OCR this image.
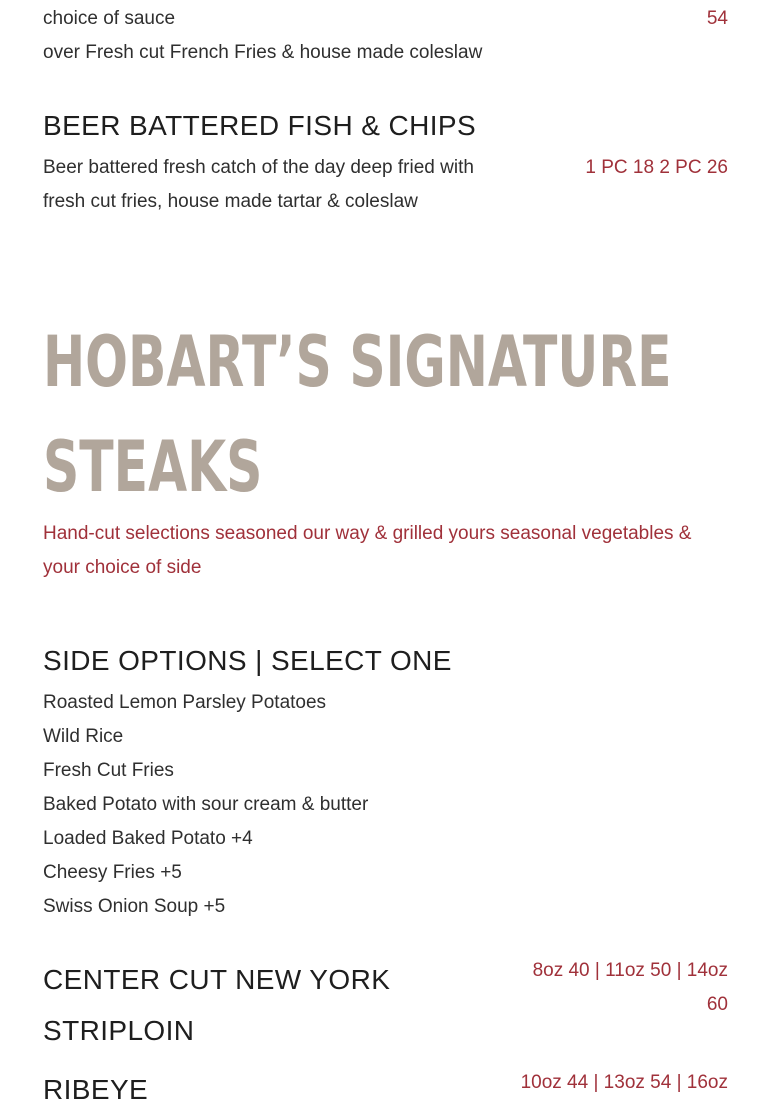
choice of sauce	54
over Fresh cut French Fries & house made coleslaw
BEER BATTERED FISH & CHIPS
Beer battered fresh catch of the day deep fried with
fresh cut fries, house made tartar & coleslaw
1 PC 18 2 PC 26
HOBART’S SIGNATURE
STEAKS
Hand-cut selections seasoned our way & grilled yours seasonal vegetables &
your choice of side
SIDE OPTIONS | SELECT ONE
Roasted Lemon Parsley Potatoes
Wild Rice
Fresh Cut Fries
Baked Potato with sour cream & butter
Loaded Baked Potato +4
Cheesy Fries +5
Swiss Onion Soup +5
CENTER CUT NEW YORK
STRIPLOIN
8oz 40 | 11oz 50 | 14oz
60
RIBEYE	10oz 44 | 13oz 54 | 16oz
